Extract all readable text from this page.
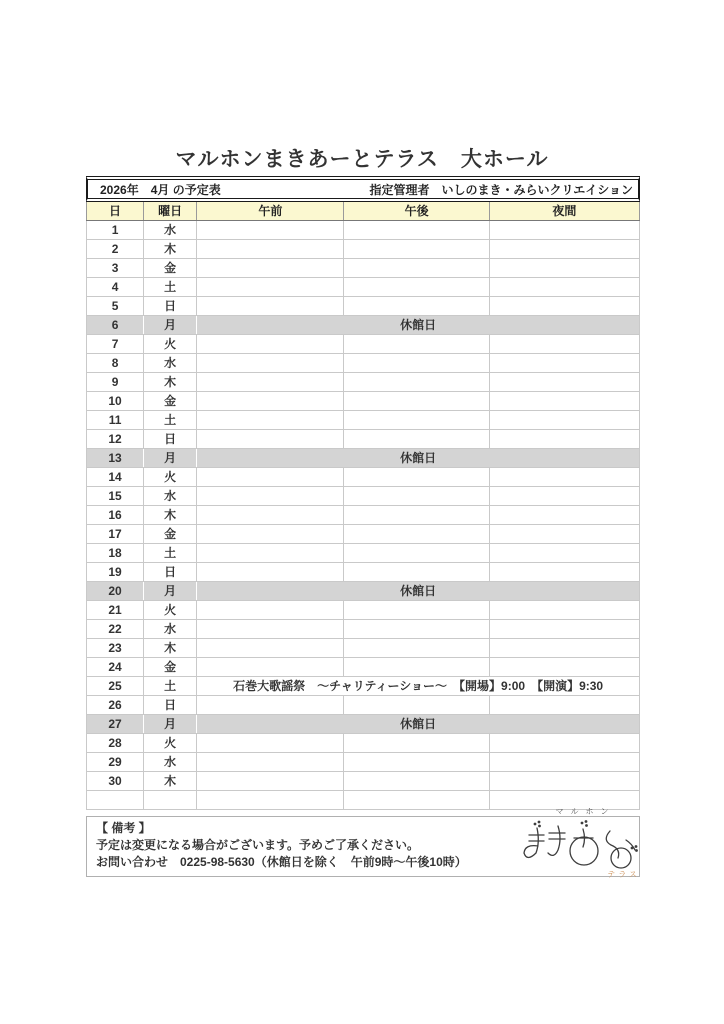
マルホンまきあーとテラス　大ホール
2026年　4月 の予定表	指定管理者　いしのまき・みらいクリエイション
日	曜日	午前	午後	夜間
1	水			
2	木			
3	金			
4	土			
5	日			
6	月	休館日		
7	火			
8	水			
9	木			
10	金			
11	土			
12	日			
13	月	休館日		
14	火			
15	水			
16	木			
17	金			
18	土			
19	日			
20	月	休館日		
21	火			
22	水			
23	木			
24	金			
25	土	石巻大歌謡祭　～チャリティーショー～　【開場】9:00　【開演】9:30		
26	日			
27	月	休館日		
28	火			
29	水			
30	木			

【 備考 】
予定は変更になる場合がございます。予めご了承ください。
お問い合わせ　0225-98-5630（休館日を除く　午前9時～午後10時）
マルホン
テラス
